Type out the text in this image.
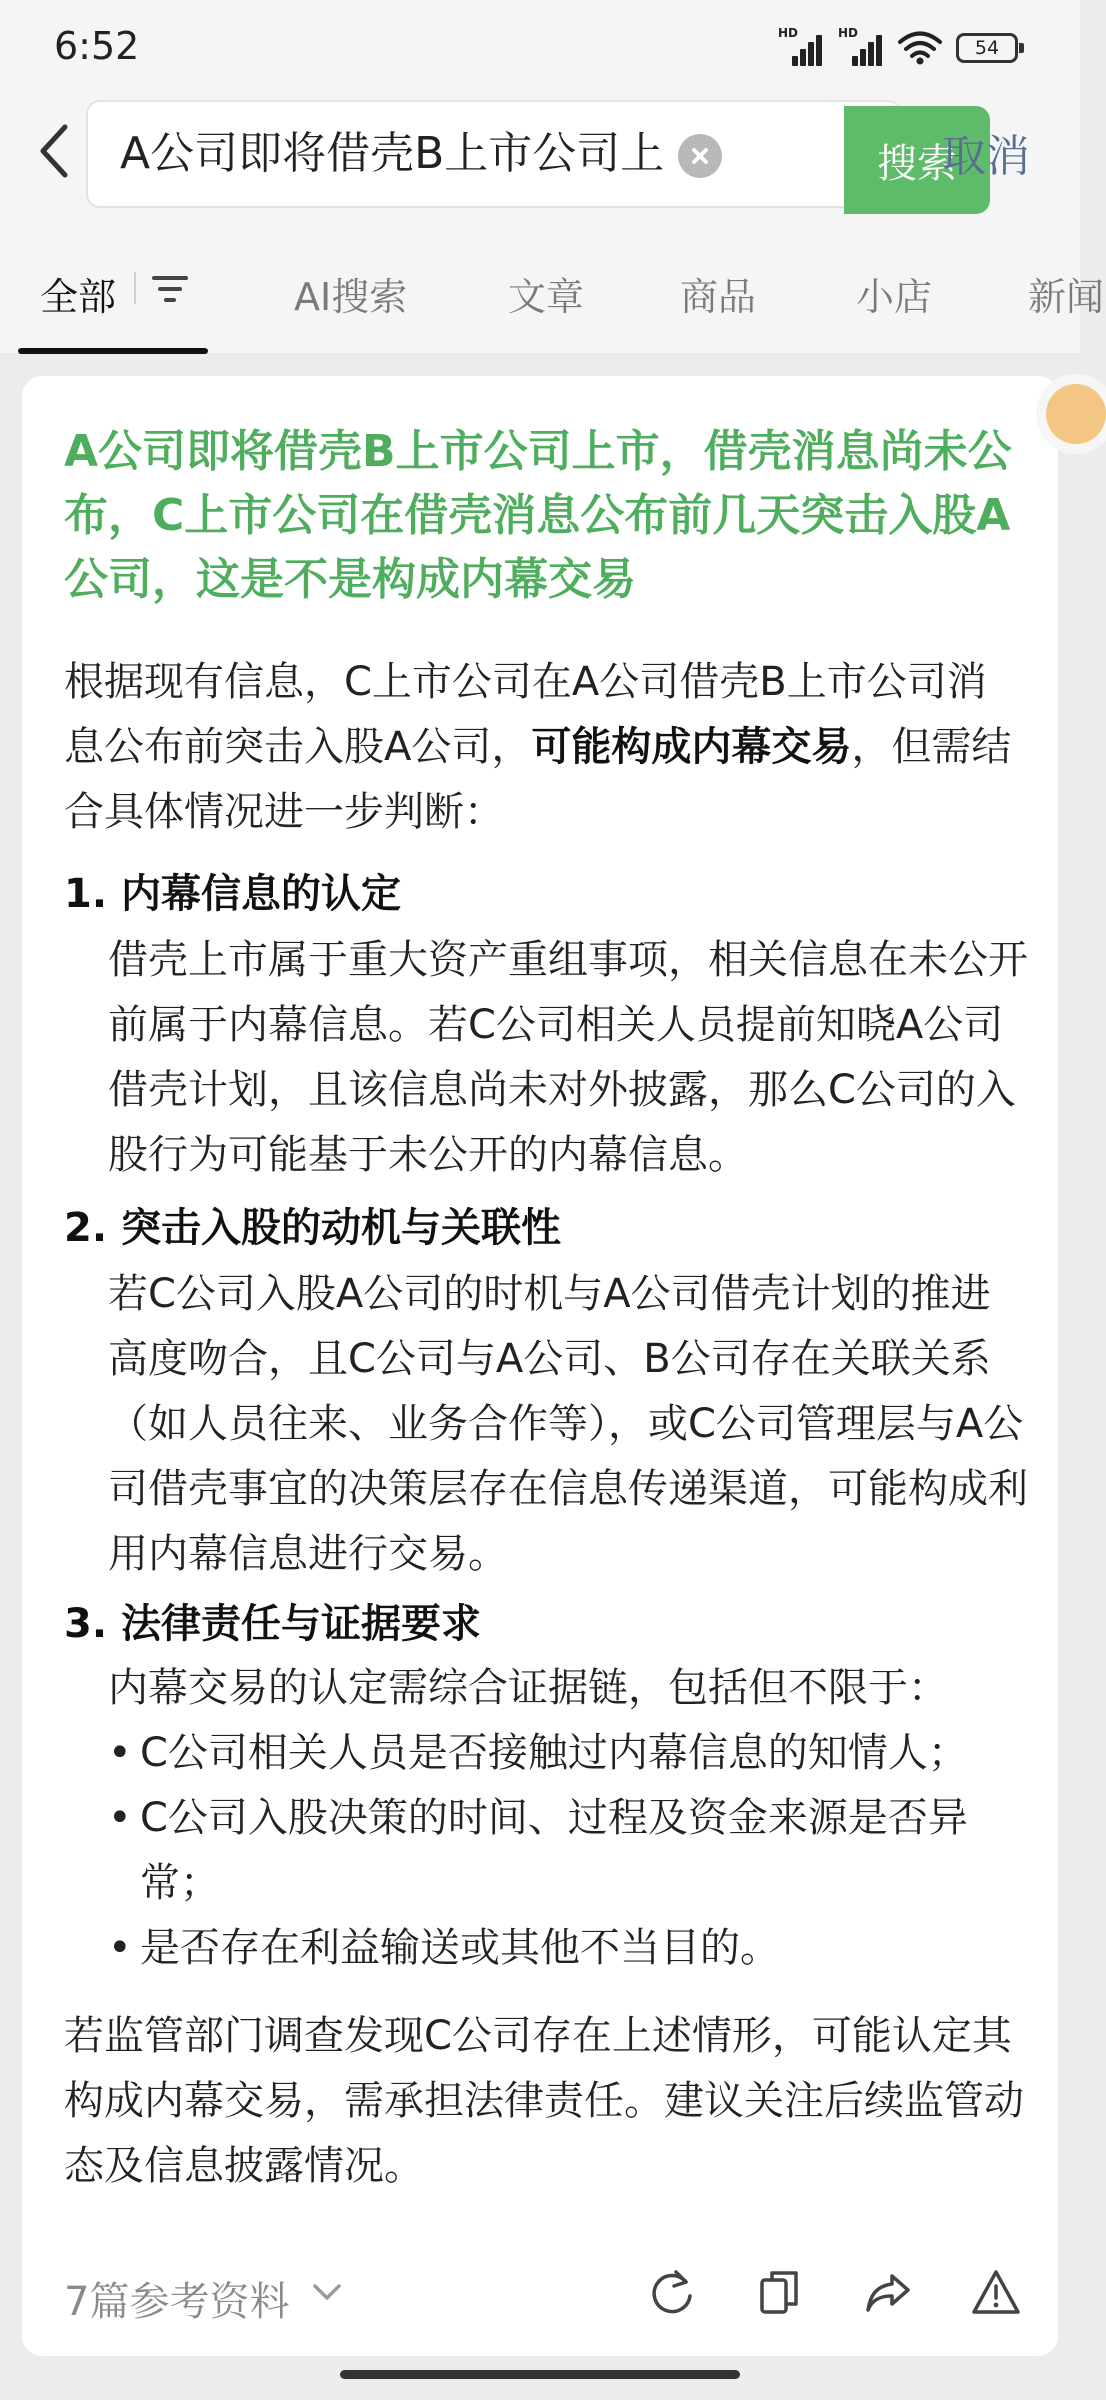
6:52	HD	HD
54
A公司即将借壳B上市公司上	搜索
取消
全部	AI搜索	文章	商品	小店	新闻
A公司即将借壳B上市公司上市，借壳消息尚未公布，C上市公司在借壳消息公布前几天突击入股A公司，这是不是构成内幕交易
根据现有信息，C上市公司在A公司借壳B上市公司消息公布前突击入股A公司，可能构成内幕交易，但需结合具体情况进一步判断：
1. 内幕信息的认定
借壳上市属于重大资产重组事项，相关信息在未公开前属于内幕信息。若C公司相关人员提前知晓A公司借壳计划，且该信息尚未对外披露，那么C公司的入股行为可能基于未公开的内幕信息。
2. 突击入股的动机与关联性
若C公司入股A公司的时机与A公司借壳计划的推进高度吻合，且C公司与A公司、B公司存在关联关系（如人员往来、业务合作等），或C公司管理层与A公司借壳事宜的决策层存在信息传递渠道，可能构成利用内幕信息进行交易。
3. 法律责任与证据要求
内幕交易的认定需综合证据链，包括但不限于：
• C公司相关人员是否接触过内幕信息的知情人；
• C公司入股决策的时间、过程及资金来源是否异常；
• 是否存在利益输送或其他不当目的。
若监管部门调查发现C公司存在上述情形，可能认定其构成内幕交易，需承担法律责任。建议关注后续监管动态及信息披露情况。
7篇参考资料
